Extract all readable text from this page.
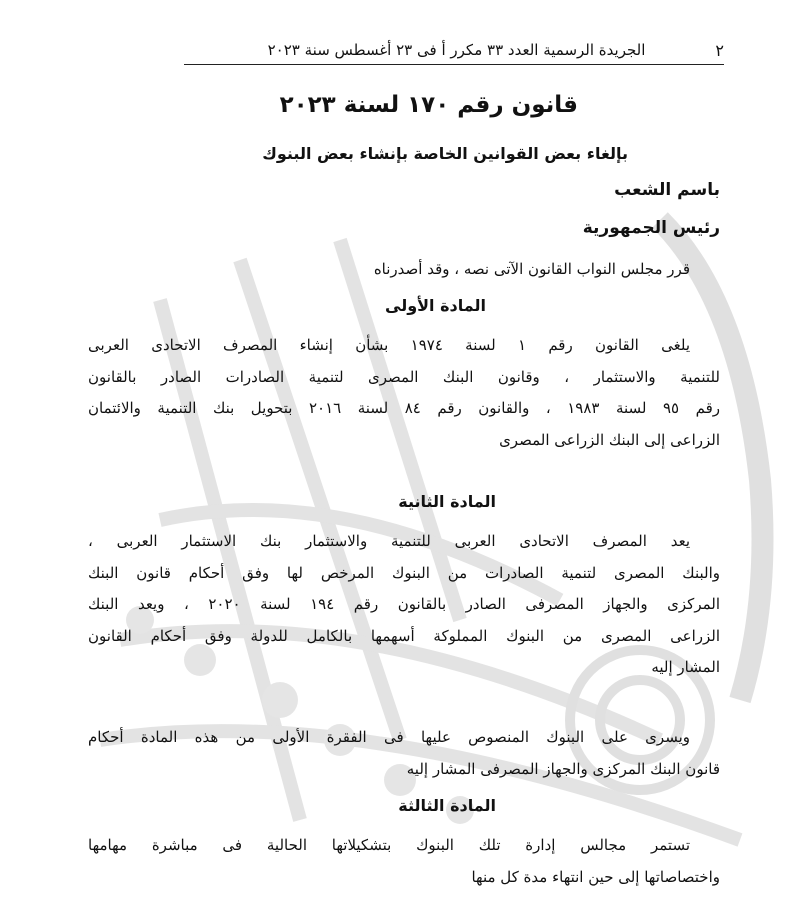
٢
الجريدة الرسمية العدد ٣٣ مكرر أ فى ٢٣ أغسطس سنة ٢٠٢٣
قانون رقم ١٧٠ لسنة ٢٠٢٣
بإلغاء بعض القوانين الخاصة بإنشاء بعض البنوك
باسم الشعب
رئيس الجمهورية
قرر مجلس النواب القانون الآتى نصه ، وقد أصدرناه
المادة الأولى
يلغى القانون رقم ١ لسنة ١٩٧٤ بشأن إنشاء المصرف الاتحادى العربى
للتنمية والاستثمار ، وقانون البنك المصرى لتنمية الصادرات الصادر بالقانون
رقم ٩٥ لسنة ١٩٨٣ ، والقانون رقم ٨٤ لسنة ٢٠١٦ بتحويل بنك التنمية والائتمان
الزراعى إلى البنك الزراعى المصرى
المادة الثانية
يعد المصرف الاتحادى العربى للتنمية والاستثمار بنك الاستثمار العربى ،
والبنك المصرى لتنمية الصادرات من البنوك المرخص لها وفق أحكام قانون البنك
المركزى والجهاز المصرفى الصادر بالقانون رقم ١٩٤ لسنة ٢٠٢٠ ، ويعد البنك
الزراعى المصرى من البنوك المملوكة أسهمها بالكامل للدولة وفق أحكام القانون
المشار إليه
ويسرى على البنوك المنصوص عليها فى الفقرة الأولى من هذه المادة أحكام
قانون البنك المركزى والجهاز المصرفى المشار إليه
المادة الثالثة
تستمر مجالس إدارة تلك البنوك بتشكيلاتها الحالية فى مباشرة مهامها
واختصاصاتها إلى حين انتهاء مدة كل منها
